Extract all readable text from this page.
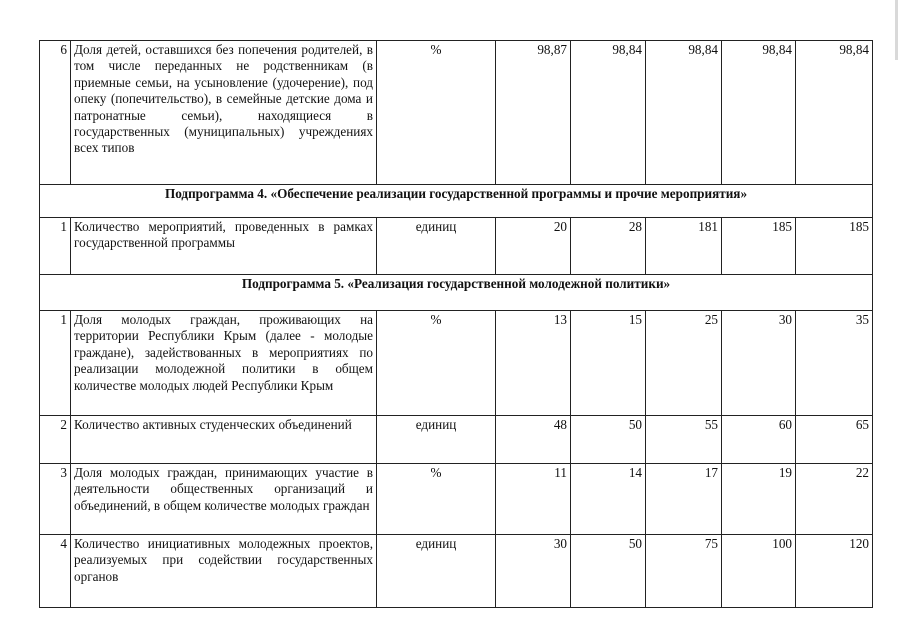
6	Доля детей, оставшихся без попечения родителей, в том числе переданных не родственникам (в приемные семьи, на усыновление (удочерение), под опеку (попечительство), в семейные детские дома и патронатные семьи), находящиеся в государственных (муниципальных) учреждениях всех типов	%	98,87	98,84	98,84	98,84	98,84
Подпрограмма 4. «Обеспечение реализации государственной программы и прочие мероприятия»							
1	Количество мероприятий, проведенных в рамках государственной программы	единиц	20	28	181	185	185
Подпрограмма 5. «Реализация государственной молодежной политики»							
1	Доля молодых граждан, проживающих на территории Республики Крым (далее - молодые граждане), задействованных в мероприятиях по реализации молодежной политики в общем количестве молодых людей Республики Крым	%	13	15	25	30	35
2	Количество активных студенческих объединений	единиц	48	50	55	60	65
3	Доля молодых граждан, принимающих участие в деятельности общественных организаций и объединений, в общем количестве молодых граждан	%	11	14	17	19	22
4	Количество инициативных молодежных проектов, реализуемых при содействии государственных органов	единиц	30	50	75	100	120
